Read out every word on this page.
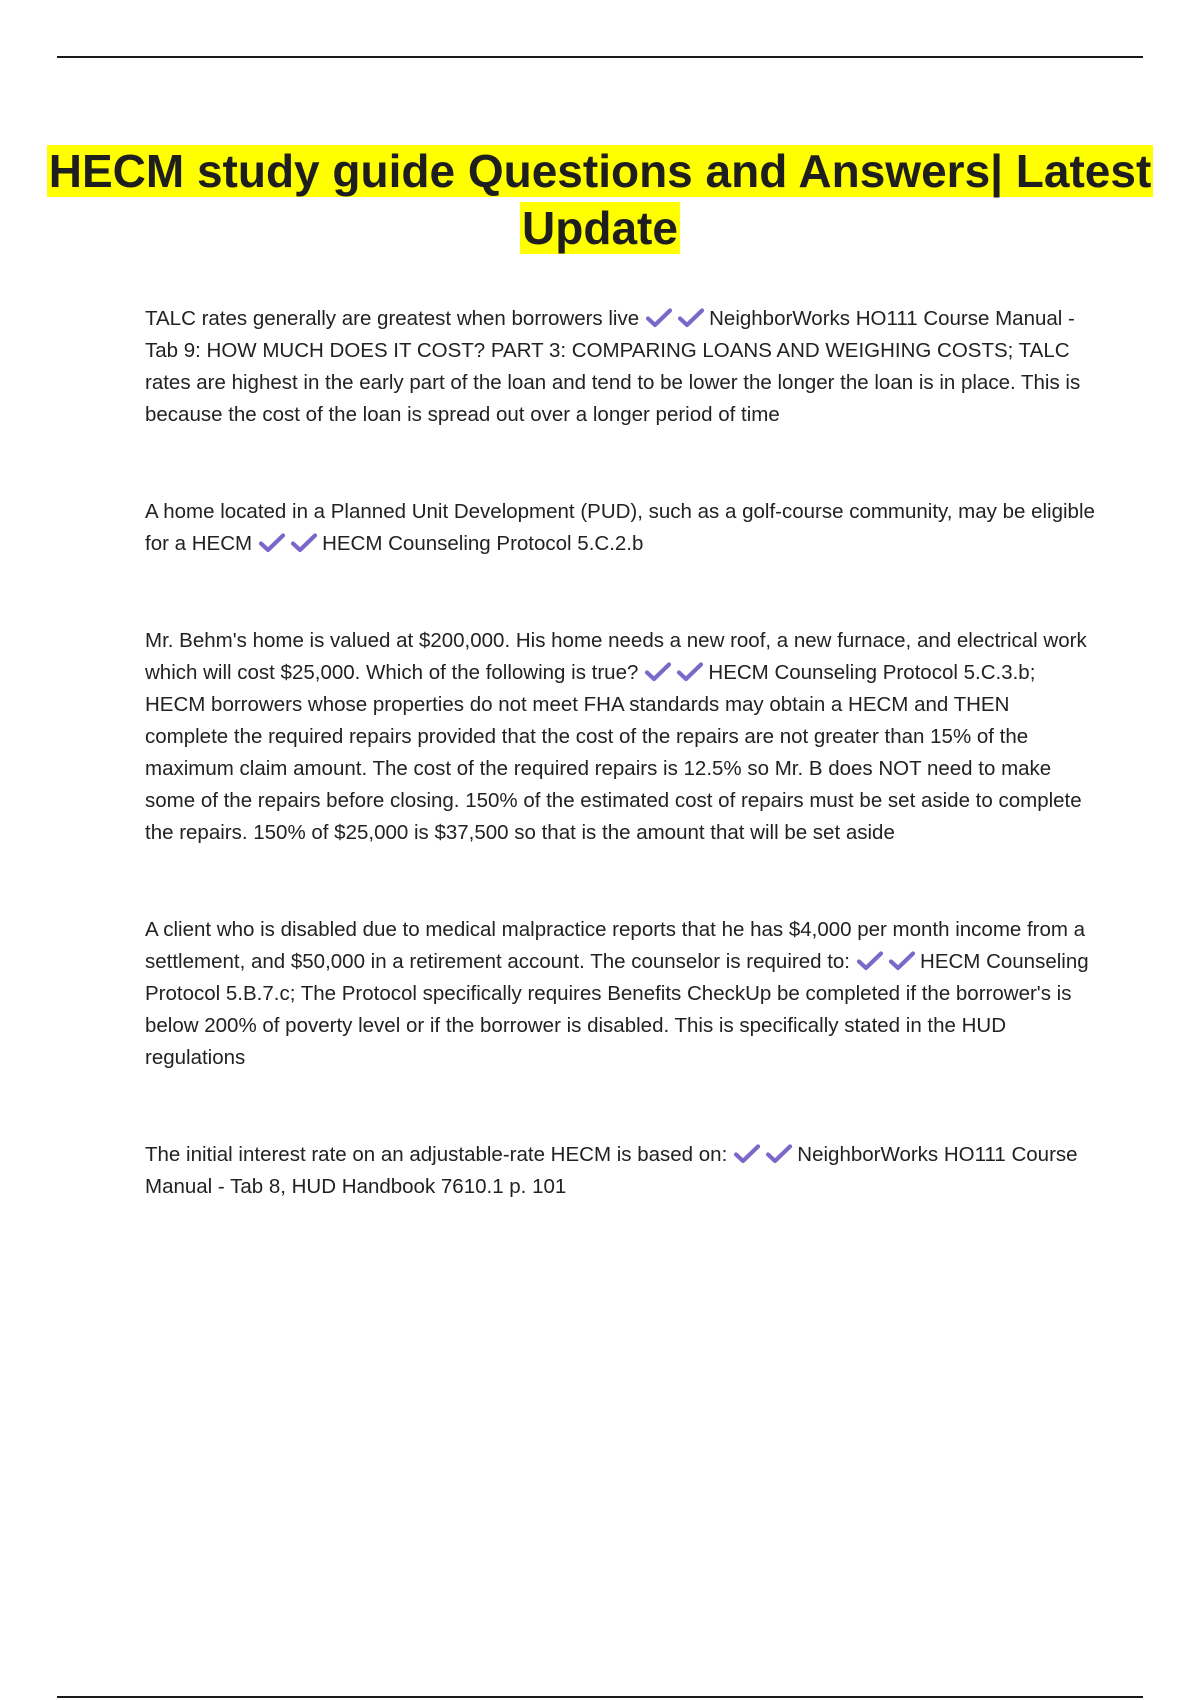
HECM study guide Questions and Answers| Latest Update

TALC rates generally are greatest when borrowers live	NeighborWorks HO111 Course Manual - Tab 9: HOW MUCH DOES IT COST? PART 3: COMPARING LOANS AND WEIGHING COSTS; TALC rates are highest in the early part of the loan and tend to be lower the longer the loan is in place. This is because the cost of the loan is spread out over a longer period of time

A home located in a Planned Unit Development (PUD), such as a golf-course community, may be eligible for a HECM	HECM Counseling Protocol 5.C.2.b

Mr. Behm's home is valued at $200,000. His home needs a new roof, a new furnace, and electrical work which will cost $25,000. Which of the following is true?	HECM Counseling Protocol 5.C.3.b; HECM borrowers whose properties do not meet FHA standards may obtain a HECM and THEN complete the required repairs provided that the cost of the repairs are not greater than 15% of the maximum claim amount. The cost of the required repairs is 12.5% so Mr. B does NOT need to make some of the repairs before closing. 150% of the estimated cost of repairs must be set aside to complete the repairs. 150% of $25,000 is $37,500 so that is the amount that will be set aside

A client who is disabled due to medical malpractice reports that he has $4,000 per month income from a settlement, and $50,000 in a retirement account. The counselor is required to:	HECM Counseling Protocol 5.B.7.c; The Protocol specifically requires Benefits CheckUp be completed if the borrower's is below 200% of poverty level or if the borrower is disabled. This is specifically stated in the HUD regulations

The initial interest rate on an adjustable-rate HECM is based on:	NeighborWorks HO111 Course Manual - Tab 8, HUD Handbook 7610.1 p. 101
